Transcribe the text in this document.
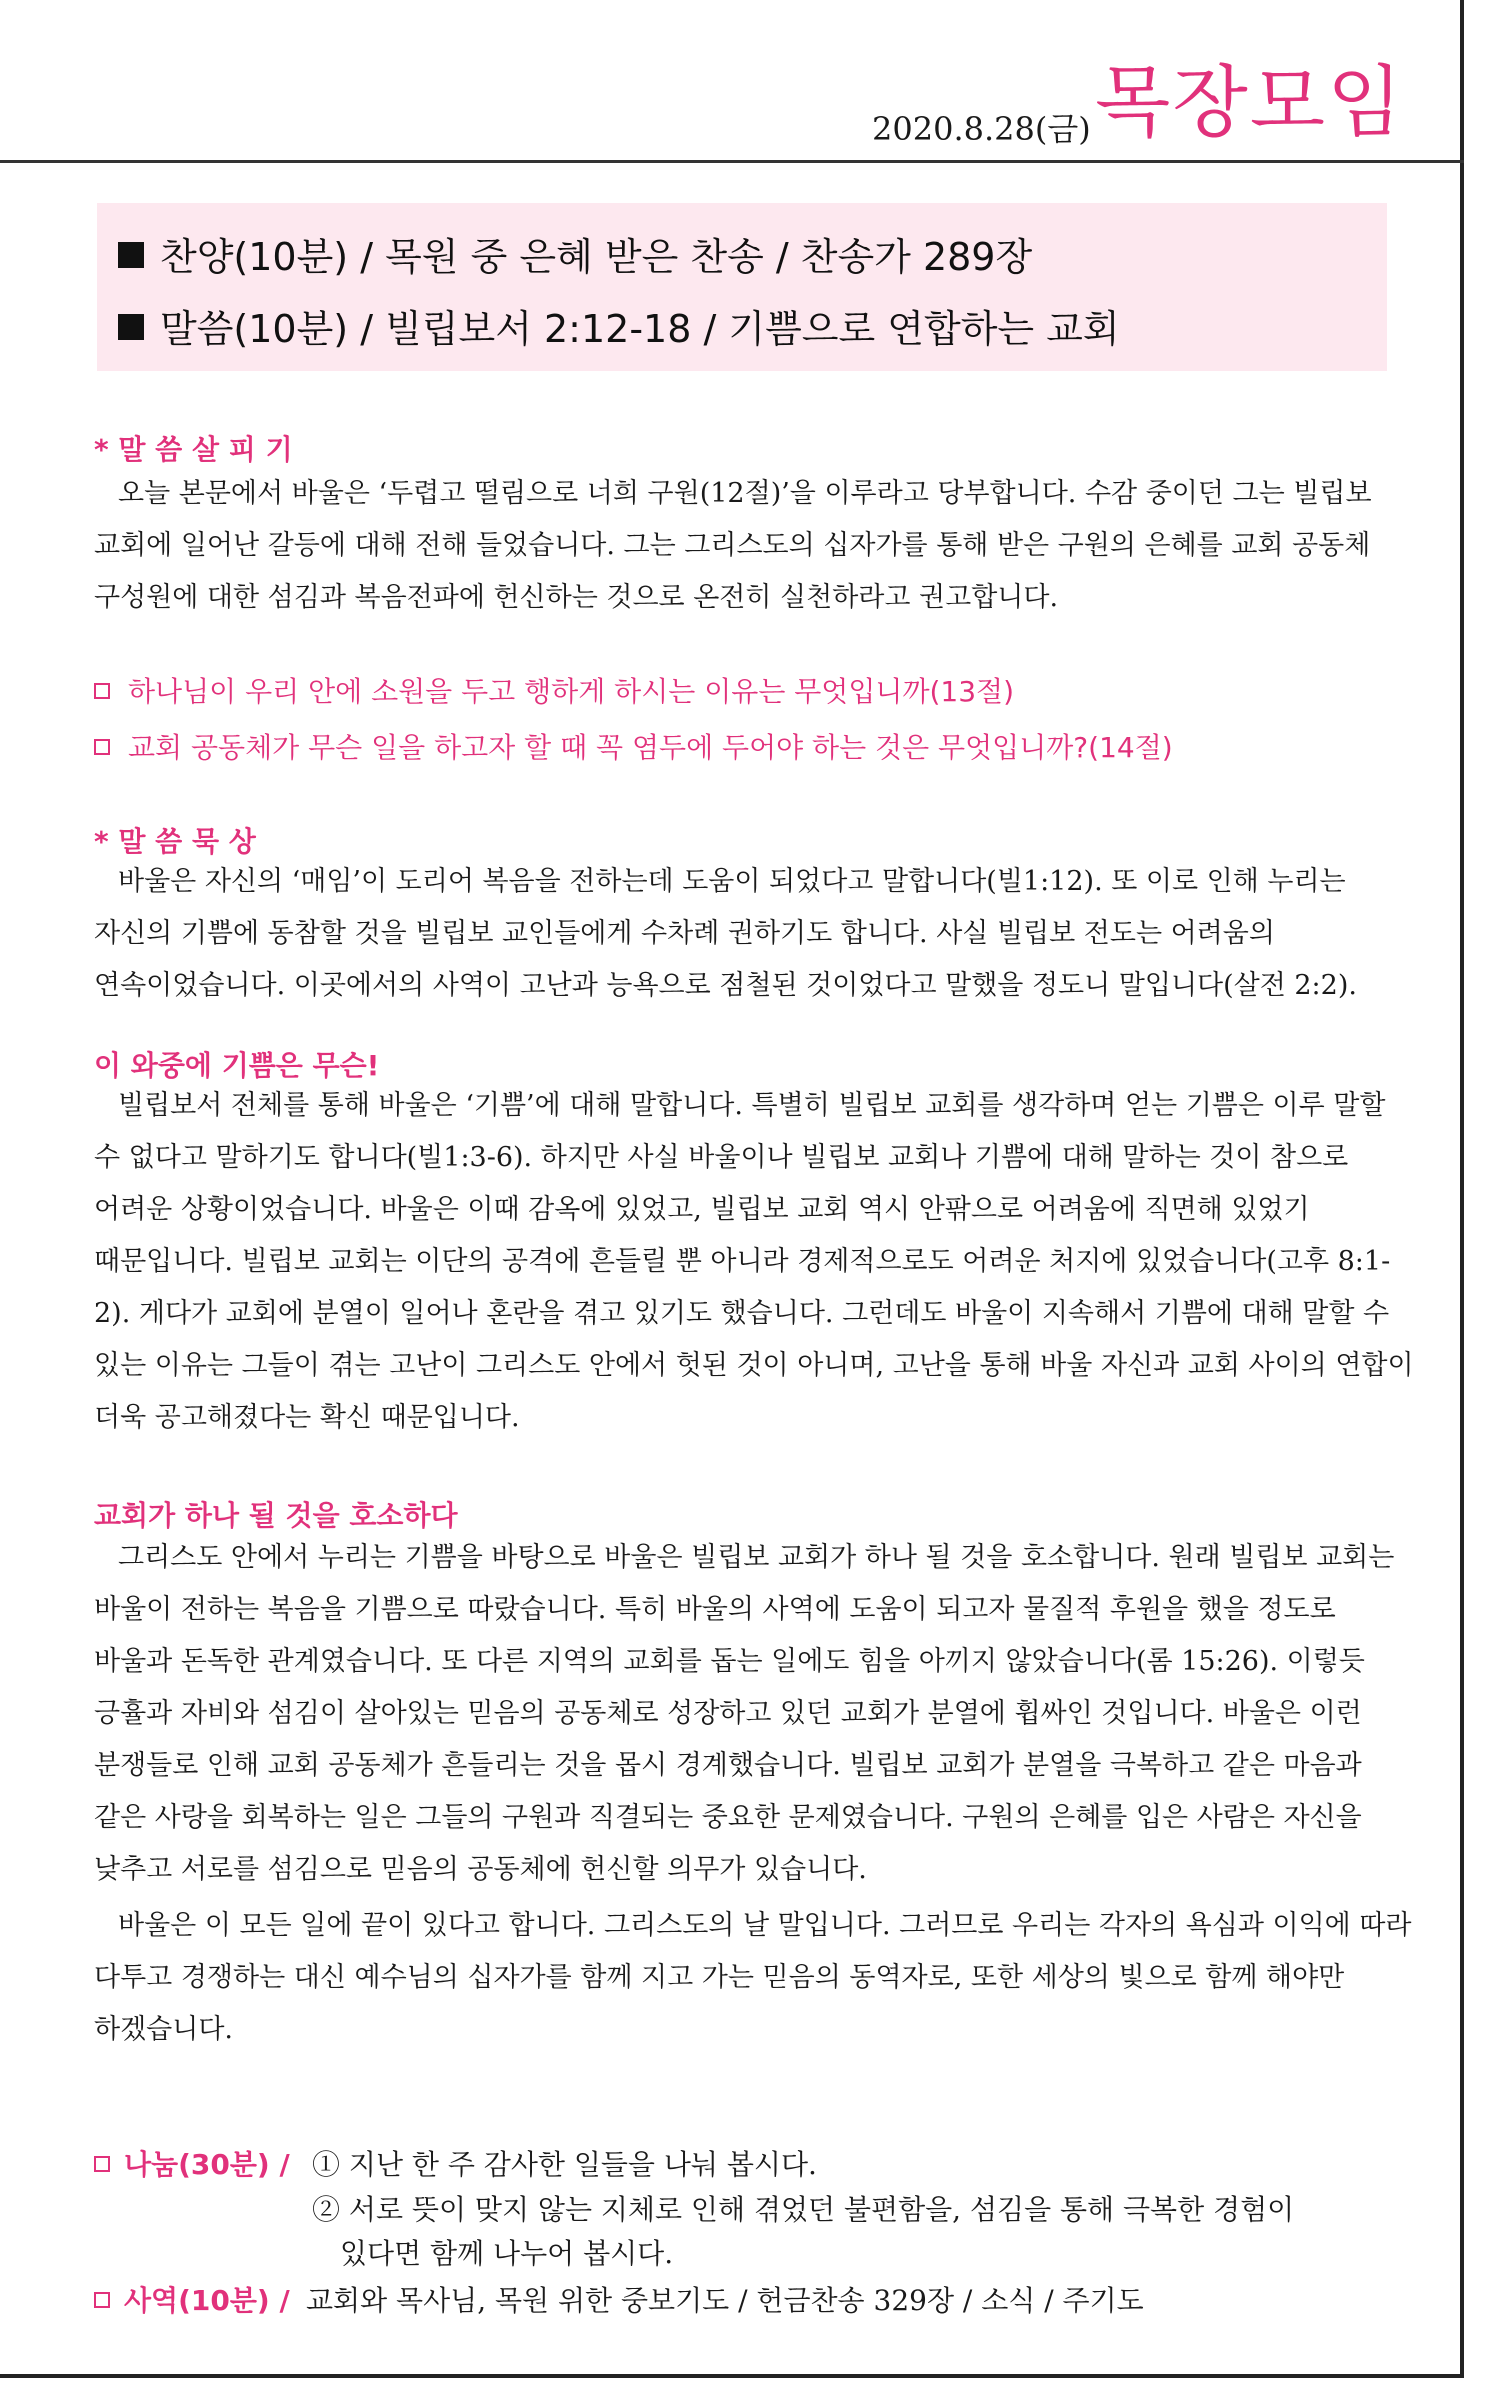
2020.8.28(금) 목장모임
찬양(10분) / 목원 중 은혜 받은 찬송 / 찬송가 289장
말씀(10분) / 빌립보서 2:12-18 / 기쁨으로 연합하는 교회
* 말 씀 살 피 기

오늘 본문에서 바울은 ‘두렵고 떨림으로 너희 구원(12절)’을 이루라고 당부합니다. 수감 중이던 그는 빌립보 교회에 일어난 갈등에 대해 전해 들었습니다. 그는 그리스도의 십자가를 통해 받은 구원의 은혜를 교회 공동체 구성원에 대한 섬김과 복음전파에 헌신하는 것으로 온전히 실천하라고 권고합니다.

하나님이 우리 안에 소원을 두고 행하게 하시는 이유는 무엇입니까(13절)
교회 공동체가 무슨 일을 하고자 할 때 꼭 염두에 두어야 하는 것은 무엇입니까?(14절)
* 말 씀 묵 상

바울은 자신의 ‘매임’이 도리어 복음을 전하는데 도움이 되었다고 말합니다(빌1:12). 또 이로 인해 누리는 자신의 기쁨에 동참할 것을 빌립보 교인들에게 수차례 권하기도 합니다. 사실 빌립보 전도는 어려움의 연속이었습니다. 이곳에서의 사역이 고난과 능욕으로 점철된 것이었다고 말했을 정도니 말입니다(살전 2:2).

이 와중에 기쁨은 무슨!

빌립보서 전체를 통해 바울은 ‘기쁨’에 대해 말합니다. 특별히 빌립보 교회를 생각하며 얻는 기쁨은 이루 말할 수 없다고 말하기도 합니다(빌1:3-6). 하지만 사실 바울이나 빌립보 교회나 기쁨에 대해 말하는 것이 참으로 어려운 상황이었습니다. 바울은 이때 감옥에 있었고, 빌립보 교회 역시 안팎으로 어려움에 직면해 있었기 때문입니다. 빌립보 교회는 이단의 공격에 흔들릴 뿐 아니라 경제적으로도 어려운 처지에 있었습니다(고후 8:1-2). 게다가 교회에 분열이 일어나 혼란을 겪고 있기도 했습니다. 그런데도 바울이 지속해서 기쁨에 대해 말할 수 있는 이유는 그들이 겪는 고난이 그리스도 안에서 헛된 것이 아니며, 고난을 통해 바울 자신과 교회 사이의 연합이 더욱 공고해졌다는 확신 때문입니다.

교회가 하나 될 것을 호소하다

그리스도 안에서 누리는 기쁨을 바탕으로 바울은 빌립보 교회가 하나 될 것을 호소합니다. 원래 빌립보 교회는 바울이 전하는 복음을 기쁨으로 따랐습니다. 특히 바울의 사역에 도움이 되고자 물질적 후원을 했을 정도로 바울과 돈독한 관계였습니다. 또 다른 지역의 교회를 돕는 일에도 힘을 아끼지 않았습니다(롬 15:26). 이렇듯 긍휼과 자비와 섬김이 살아있는 믿음의 공동체로 성장하고 있던 교회가 분열에 휩싸인 것입니다. 바울은 이런 분쟁들로 인해 교회 공동체가 흔들리는 것을 몹시 경계했습니다. 빌립보 교회가 분열을 극복하고 같은 마음과 같은 사랑을 회복하는 일은 그들의 구원과 직결되는 중요한 문제였습니다. 구원의 은혜를 입은 사람은 자신을 낮추고 서로를 섬김으로 믿음의 공동체에 헌신할 의무가 있습니다.

바울은 이 모든 일에 끝이 있다고 합니다. 그리스도의 날 말입니다. 그러므로 우리는 각자의 욕심과 이익에 따라 다투고 경쟁하는 대신 예수님의 십자가를 함께 지고 가는 믿음의 동역자로, 또한 세상의 빛으로 함께 해야만 하겠습니다.

나눔(30분) / ① 지난 한 주 감사한 일들을 나눠 봅시다.
② 서로 뜻이 맞지 않는 지체로 인해 겪었던 불편함을, 섬김을 통해 극복한 경험이
있다면 함께 나누어 봅시다.
사역(10분) / 교회와 목사님, 목원 위한 중보기도 / 헌금찬송 329장 / 소식 / 주기도
